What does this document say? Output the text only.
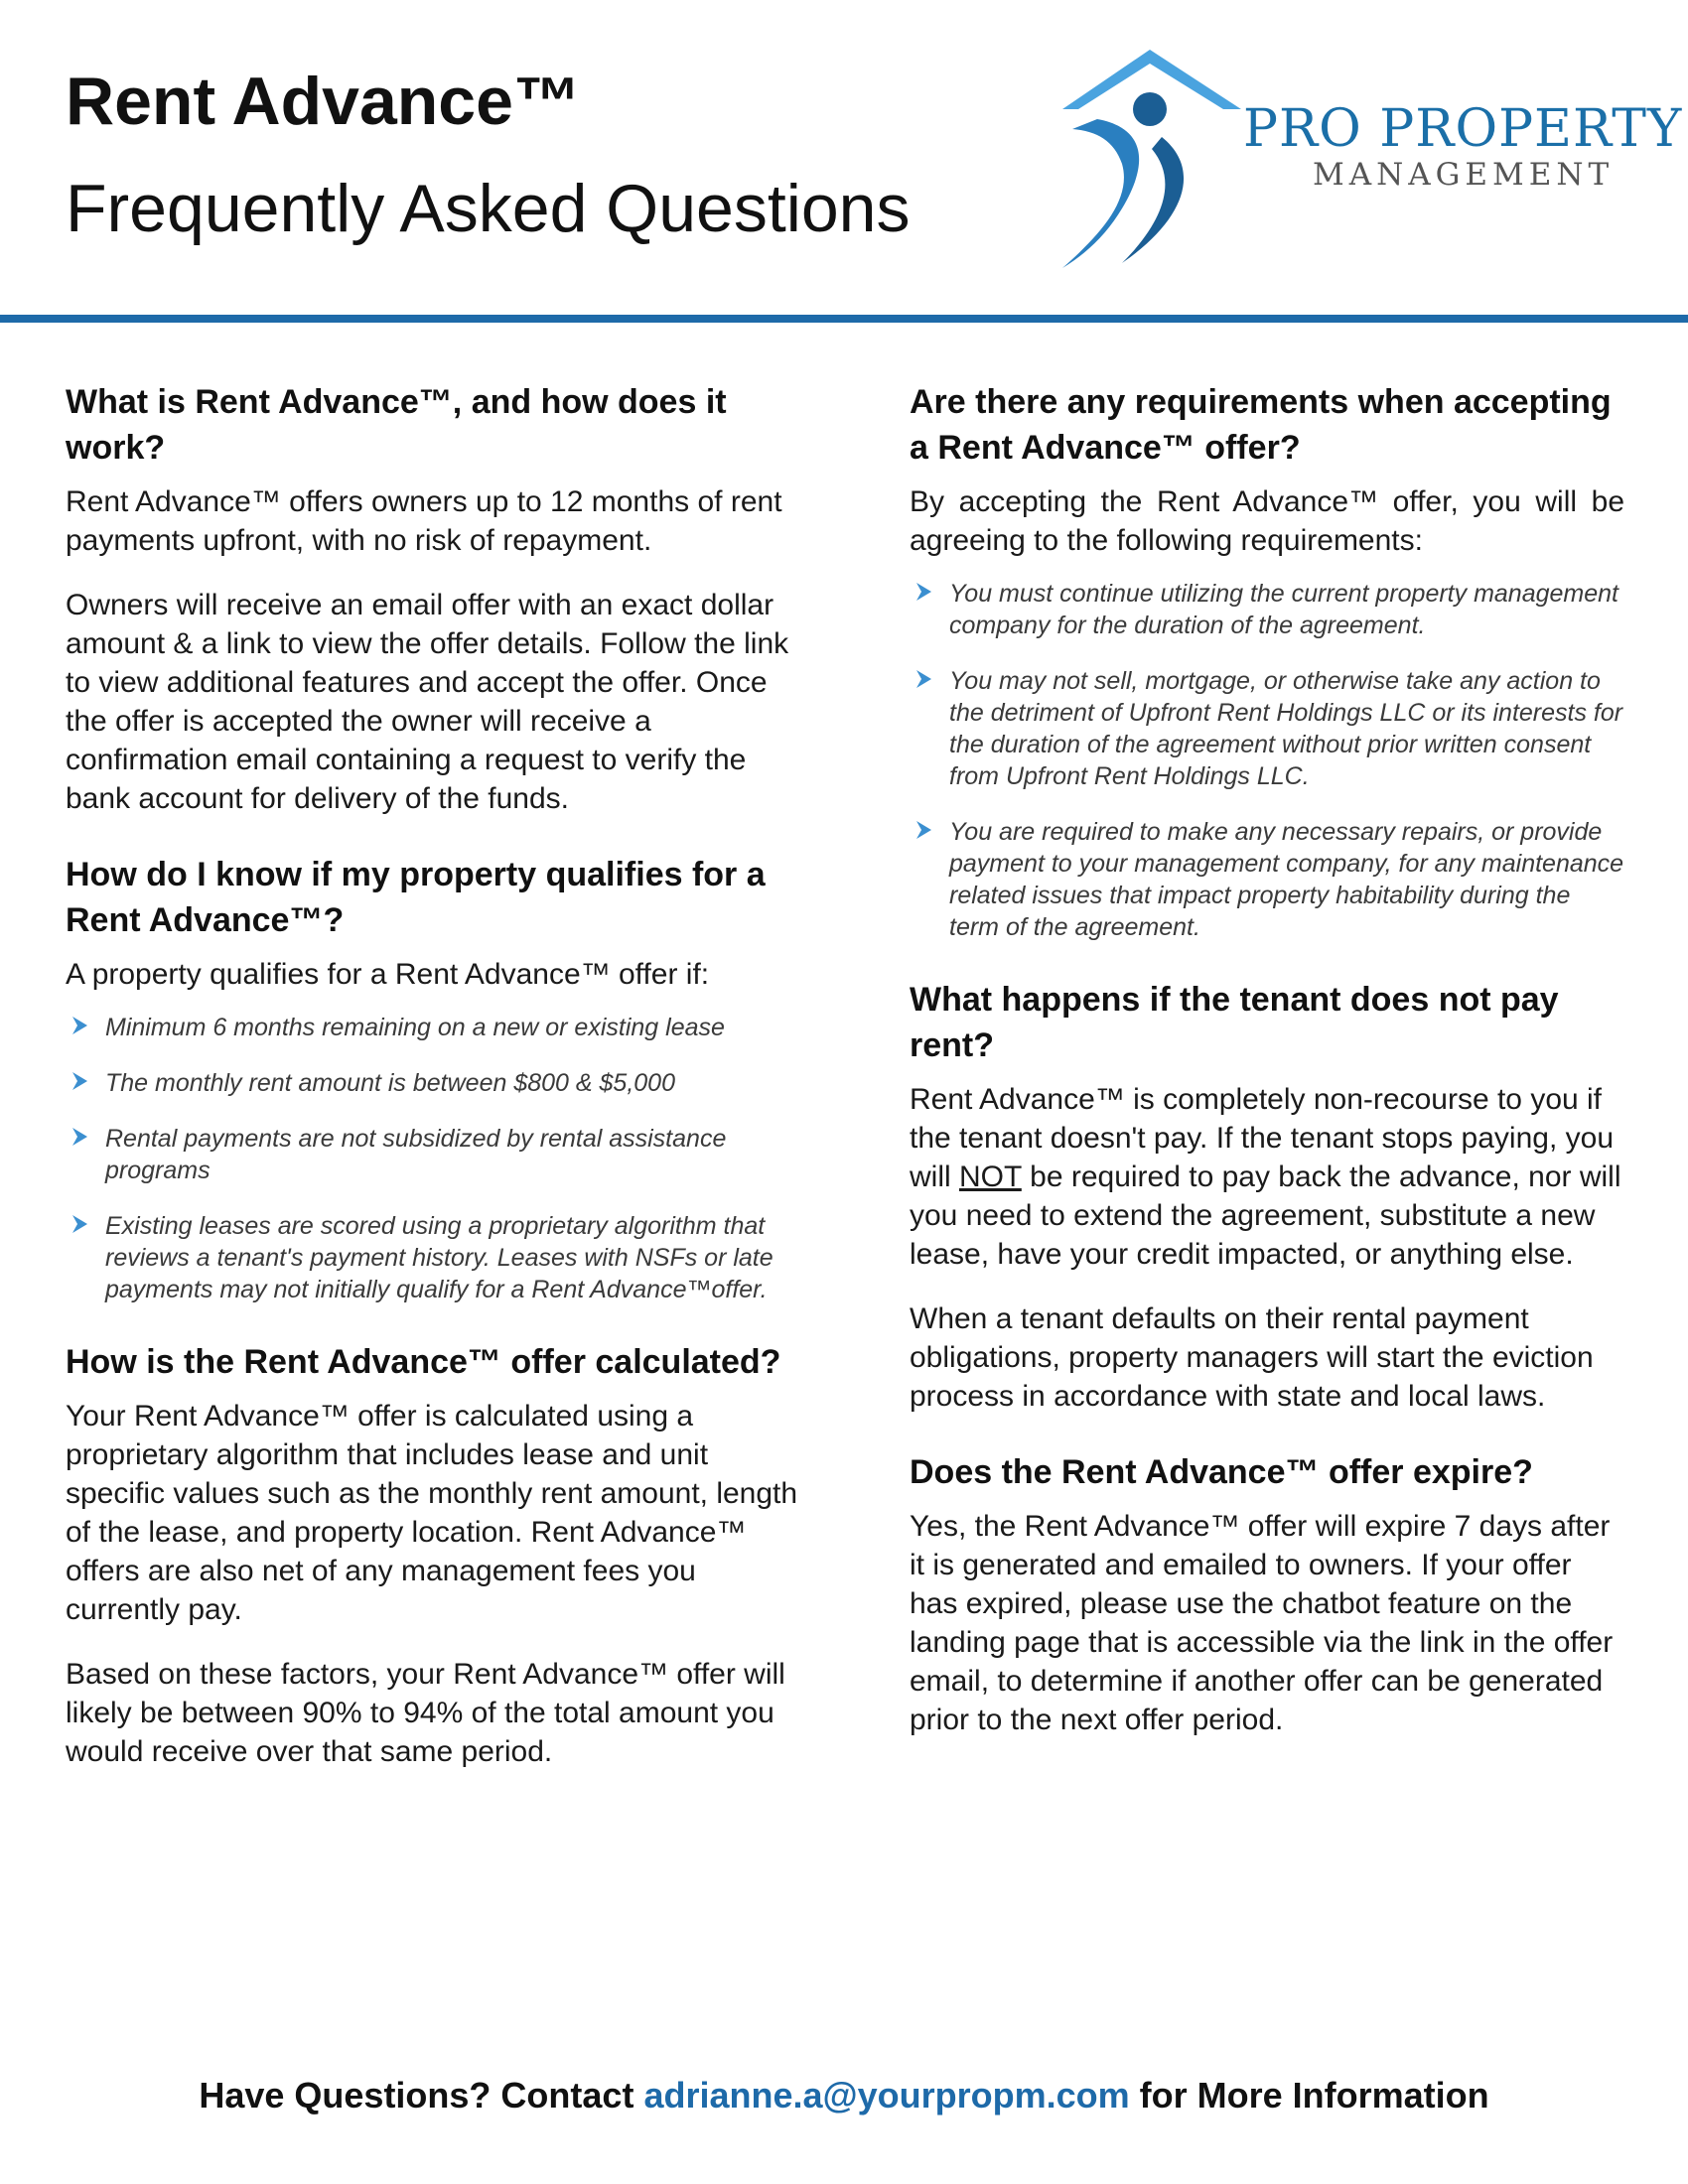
Rent Advance™
Frequently Asked Questions
PRO PROPERTY
MANAGEMENT
What is Rent Advance™, and how does it work?

Rent Advance™ offers owners up to 12 months of rent payments upfront, with no risk of repayment.

Owners will receive an email offer with an exact dollar amount & a link to view the offer details. Follow the link to view additional features and accept the offer. Once the offer is accepted the owner will receive a confirmation email containing a request to verify the bank account for delivery of the funds.

How do I know if my property qualifies for a Rent Advance™?

A property qualifies for a Rent Advance™ offer if:

Minimum 6 months remaining on a new or existing lease
The monthly rent amount is between $800 & $5,000
Rental payments are not subsidized by rental assistance programs
Existing leases are scored using a proprietary algorithm that reviews a tenant's payment history. Leases with NSFs or late payments may not initially qualify for a Rent Advance™offer.
How is the Rent Advance™ offer calculated?

Your Rent Advance™ offer is calculated using a proprietary algorithm that includes lease and unit specific values such as the monthly rent amount, length of the lease, and property location. Rent Advance™ offers are also net of any management fees you currently pay.

Based on these factors, your Rent Advance™ offer will likely be between 90% to 94% of the total amount you would receive over that same period.

Are there any requirements when accepting a Rent Advance™ offer?

By accepting the Rent Advance™ offer, you will be agreeing to the following requirements:

You must continue utilizing the current property management company for the duration of the agreement.
You may not sell, mortgage, or otherwise take any action to the detriment of Upfront Rent Holdings LLC or its interests for the duration of the agreement without prior written consent from Upfront Rent Holdings LLC.
You are required to make any necessary repairs, or provide payment to your management company, for any maintenance related issues that impact property habitability during the term of the agreement.
What happens if the tenant does not pay rent?

Rent Advance™ is completely non-recourse to you if the tenant doesn't pay. If the tenant stops paying, you will NOT be required to pay back the advance, nor will you need to extend the agreement, substitute a new lease, have your credit impacted, or anything else.

When a tenant defaults on their rental payment obligations, property managers will start the eviction process in accordance with state and local laws.

Does the Rent Advance™ offer expire?

Yes, the Rent Advance™ offer will expire 7 days after it is generated and emailed to owners. If your offer has expired, please use the chatbot feature on the landing page that is accessible via the link in the offer email, to determine if another offer can be generated prior to the next offer period.

Have Questions? Contact adrianne.a@yourpropm.com for More Information
